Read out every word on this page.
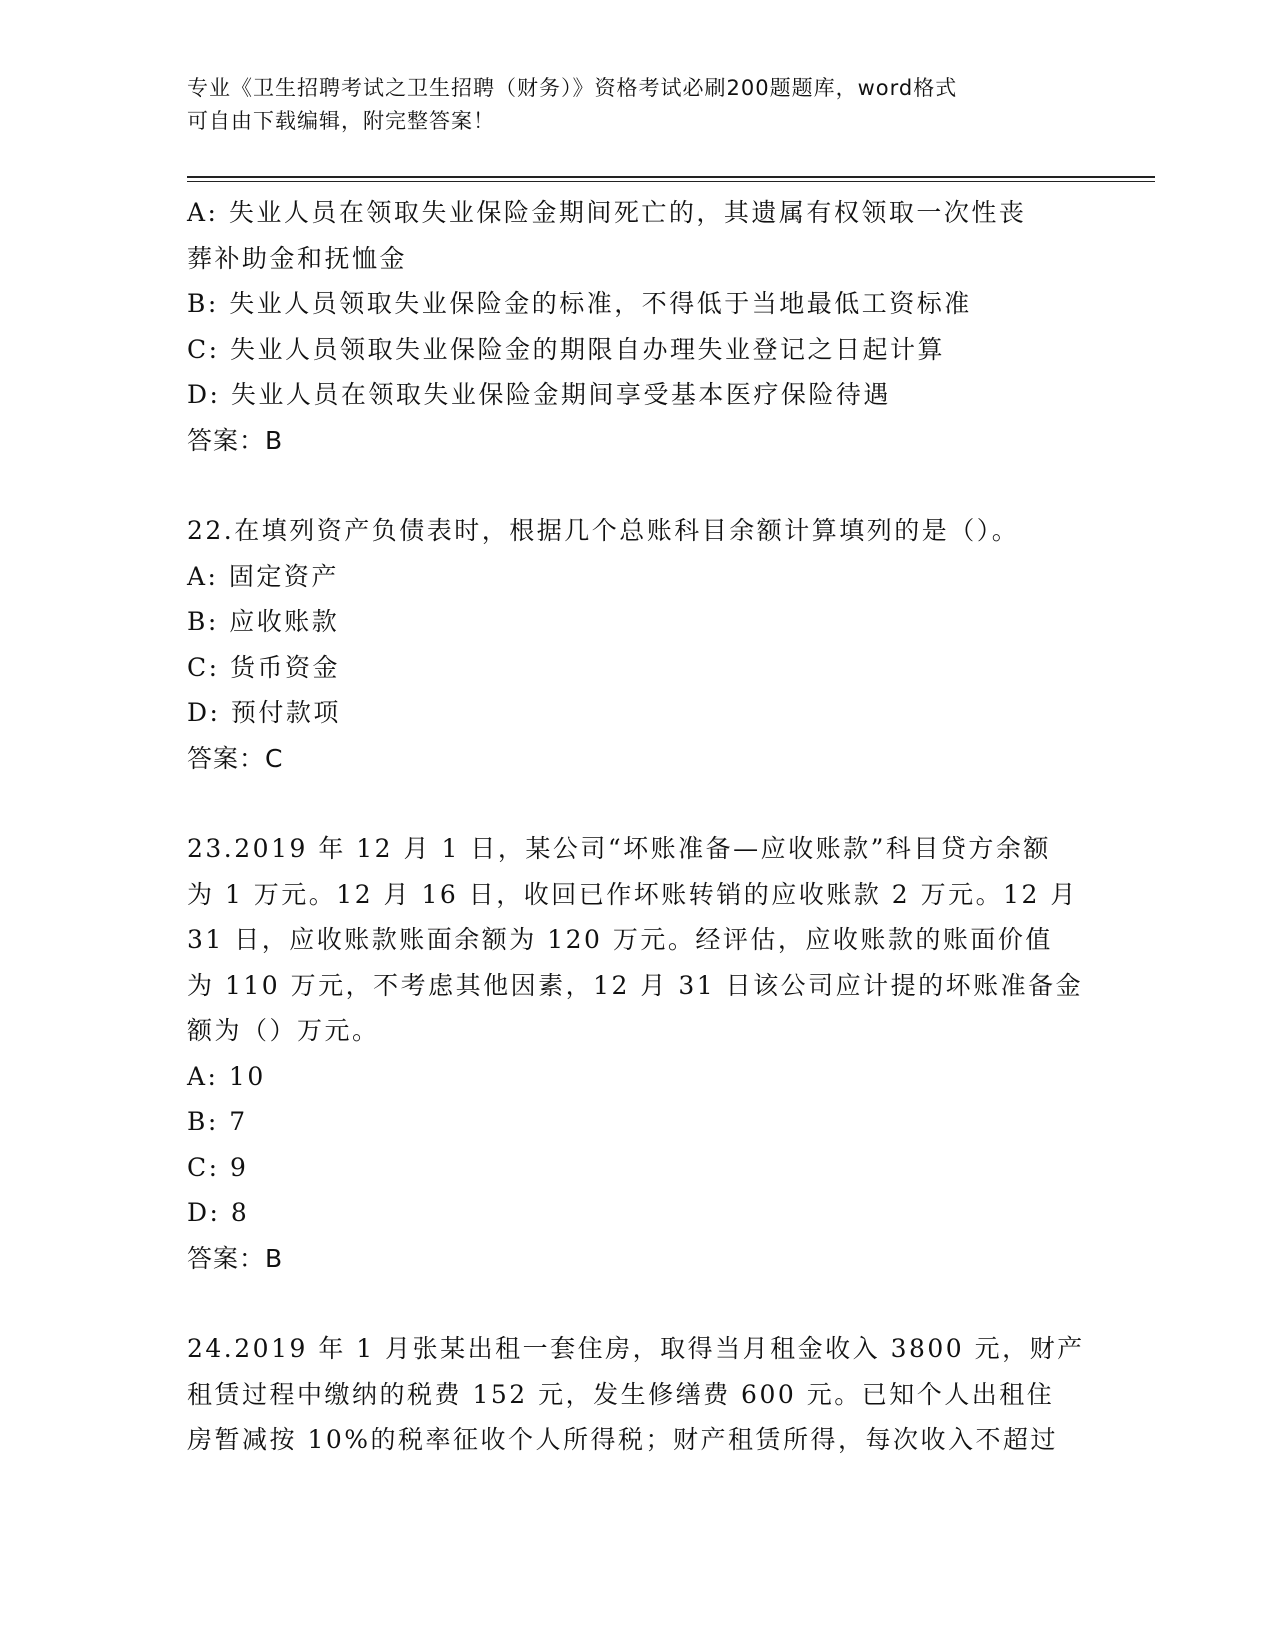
专业《卫生招聘考试之卫生招聘（财务）》资格考试必刷200题题库，word格式
可自由下载编辑，附完整答案！
A: 失业人员在领取失业保险金期间死亡的，其遗属有权领取一次性丧
葬补助金和抚恤金
B: 失业人员领取失业保险金的标准，不得低于当地最低工资标准
C: 失业人员领取失业保险金的期限自办理失业登记之日起计算
D: 失业人员在领取失业保险金期间享受基本医疗保险待遇
答案：B
22.在填列资产负债表时，根据几个总账科目余额计算填列的是（）。
A: 固定资产
B: 应收账款
C: 货币资金
D: 预付款项
答案：C
23.2019 年 12 月 1 日，某公司“坏账准备—应收账款”科目贷方余额
为 1 万元。12 月 16 日，收回已作坏账转销的应收账款 2 万元。12 月
31 日，应收账款账面余额为 120 万元。经评估，应收账款的账面价值
为 110 万元，不考虑其他因素，12 月 31 日该公司应计提的坏账准备金
额为（）万元。
A: 10
B: 7
C: 9
D: 8
答案：B
24.2019 年 1 月张某出租一套住房，取得当月租金收入 3800 元，财产
租赁过程中缴纳的税费 152 元，发生修缮费 600 元。已知个人出租住
房暂减按 10%的税率征收个人所得税；财产租赁所得，每次收入不超过
